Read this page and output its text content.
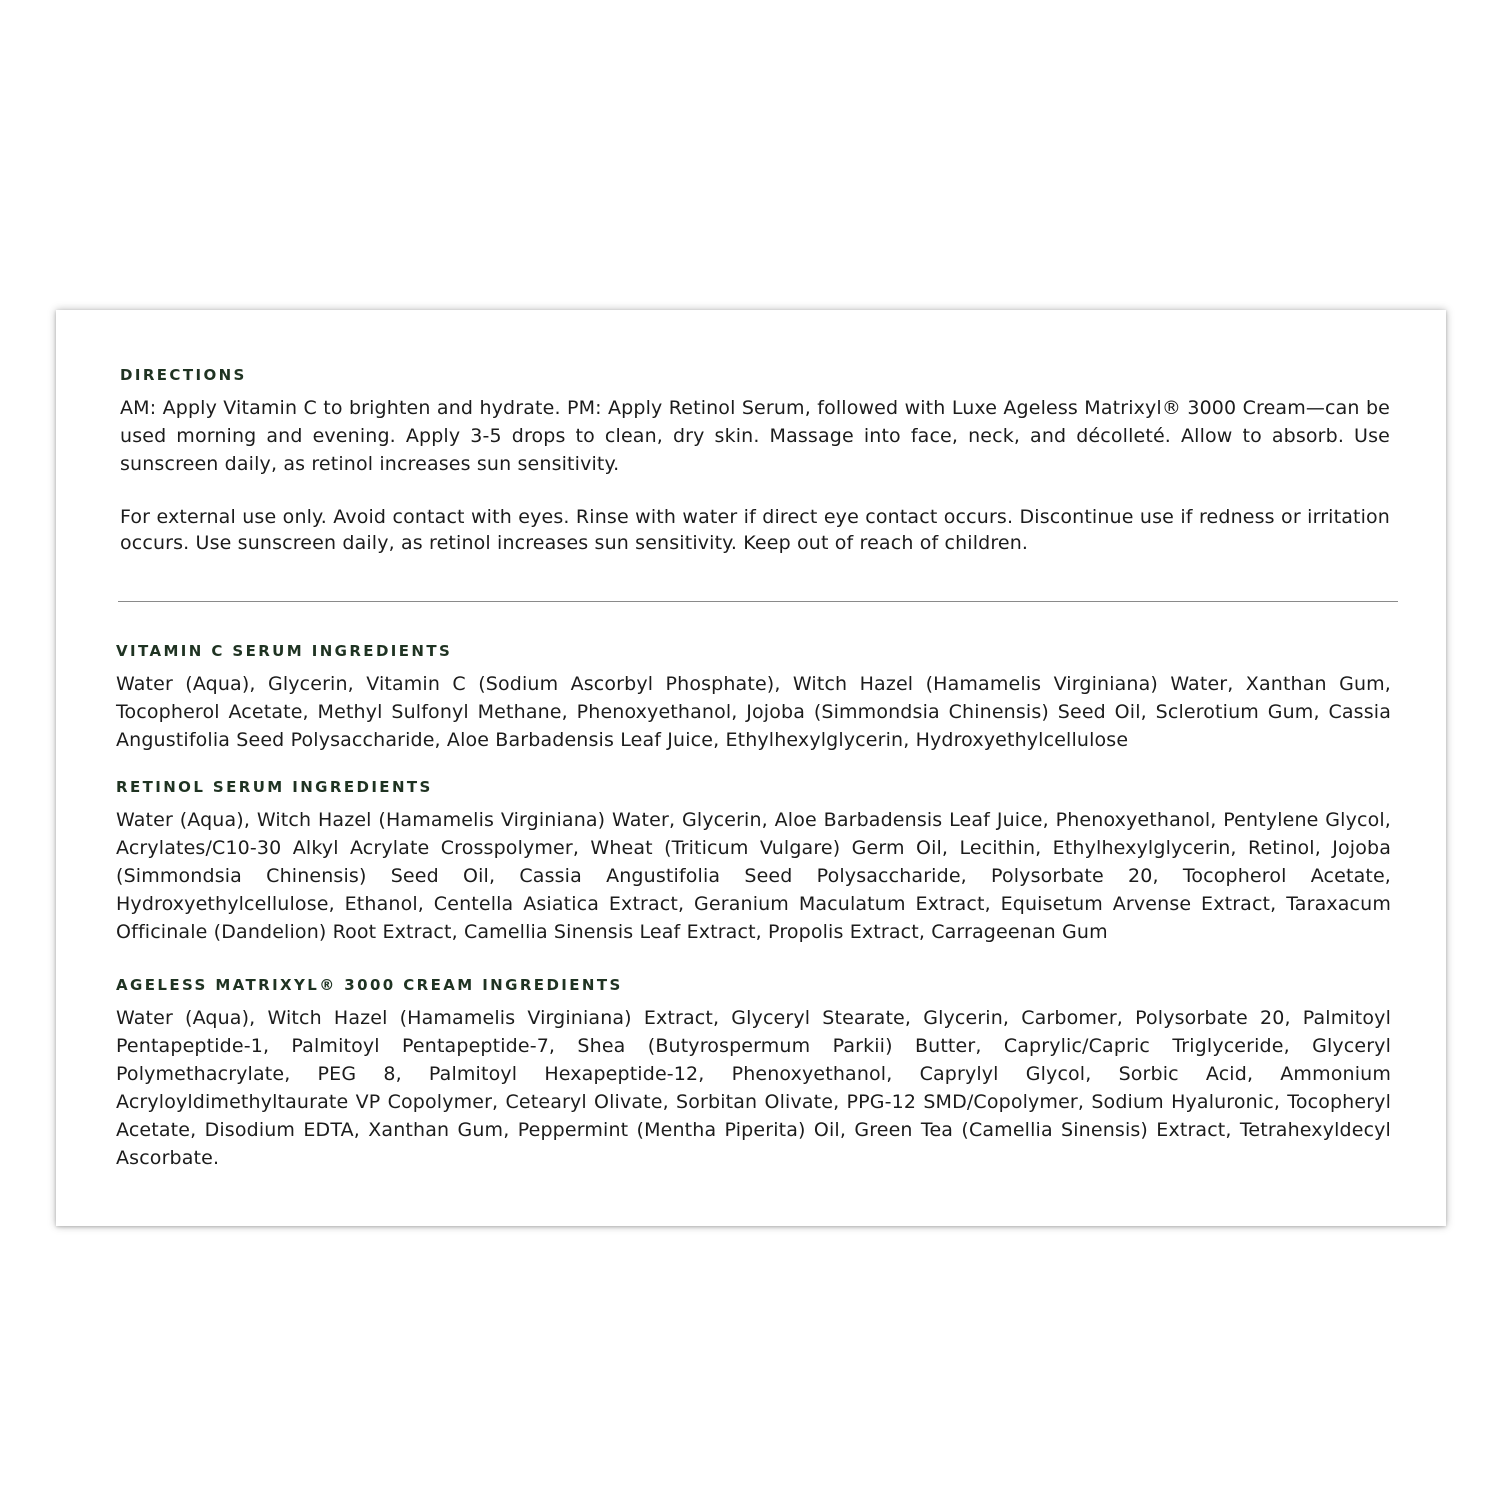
DIRECTIONS

AM: Apply Vitamin C to brighten and hydrate. PM: Apply Retinol Serum, followed with Luxe Ageless Matrixyl® 3000 Cream—can be used morning and evening. Apply 3-5 drops to clean, dry skin. Massage into face, neck, and décolleté. Allow to absorb. Use sunscreen daily, as retinol increases sun sensitivity.

For external use only. Avoid contact with eyes. Rinse with water if direct eye contact occurs. Discontinue use if redness or irritation occurs. Use sunscreen daily, as retinol increases sun sensitivity. Keep out of reach of children.

VITAMIN C SERUM INGREDIENTS

Water (Aqua), Glycerin, Vitamin C (Sodium Ascorbyl Phosphate), Witch Hazel (Hamamelis Virginiana) Water, Xanthan Gum, Tocopherol Acetate, Methyl Sulfonyl Methane, Phenoxyethanol, Jojoba (Simmondsia Chinensis) Seed Oil, Sclerotium Gum, Cassia Angustifolia Seed Polysaccharide, Aloe Barbadensis Leaf Juice, Ethylhexylglycerin, Hydroxyethylcellulose

RETINOL SERUM INGREDIENTS

Water (Aqua), Witch Hazel (Hamamelis Virginiana) Water, Glycerin, Aloe Barbadensis Leaf Juice, Phenoxyethanol, Pentylene Glycol, Acrylates/C10-30 Alkyl Acrylate Crosspolymer, Wheat (Triticum Vulgare) Germ Oil, Lecithin, Ethylhexylglycerin, Retinol, Jojoba (Simmondsia Chinensis) Seed Oil, Cassia Angustifolia Seed Polysaccharide, Polysorbate 20, Tocopherol Acetate, Hydroxyethylcellulose, Ethanol, Centella Asiatica Extract, Geranium Maculatum Extract, Equisetum Arvense Extract, Taraxacum Officinale (Dandelion) Root Extract, Camellia Sinensis Leaf Extract, Propolis Extract, Carrageenan Gum

AGELESS MATRIXYL® 3000 CREAM INGREDIENTS

Water (Aqua), Witch Hazel (Hamamelis Virginiana) Extract, Glyceryl Stearate, Glycerin, Carbomer, Polysorbate 20, Palmitoyl Pentapeptide-1, Palmitoyl Pentapeptide-7, Shea (Butyrospermum Parkii) Butter, Caprylic/Capric Triglyceride, Glyceryl Polymethacrylate, PEG 8, Palmitoyl Hexapeptide-12, Phenoxyethanol, Caprylyl Glycol, Sorbic Acid, Ammonium Acryloyldimethyltaurate VP Copolymer, Cetearyl Olivate, Sorbitan Olivate, PPG-12 SMD/Copolymer, Sodium Hyaluronic, Tocopheryl Acetate, Disodium EDTA, Xanthan Gum, Peppermint (Mentha Piperita) Oil, Green Tea (Camellia Sinensis) Extract, Tetrahexyldecyl Ascorbate.
